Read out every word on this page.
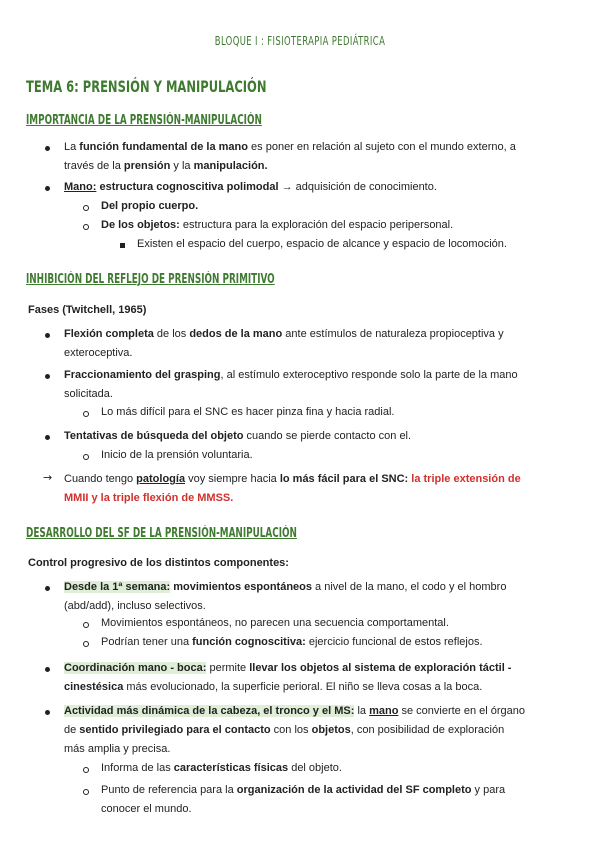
BLOQUE I : FISIOTERAPIA PEDIÁTRICA
TEMA 6: PRENSIÓN Y MANIPULACIÓN
IMPORTANCIA DE LA PRENSIÓN-MANIPULACIÓN
La función fundamental de la mano es poner en relación al sujeto con el mundo externo, a
través de la prensión y la manipulación.
Mano: estructura cognoscitiva polimodal → adquisición de conocimiento.
Del propio cuerpo.
De los objetos: estructura para la exploración del espacio peripersonal.
Existen el espacio del cuerpo, espacio de alcance y espacio de locomoción.
INHIBICIÓN DEL REFLEJO DE PRENSIÓN PRIMITIVO
Fases (Twitchell, 1965)
Flexión completa de los dedos de la mano ante estímulos de naturaleza propioceptiva y
exteroceptiva.
Fraccionamiento del grasping, al estímulo exteroceptivo responde solo la parte de la mano
solicitada.
Lo más difícil para el SNC es hacer pinza fina y hacia radial.
Tentativas de búsqueda del objeto cuando se pierde contacto con el.
Inicio de la prensión voluntaria.
→ Cuando tengo patología voy siempre hacia lo más fácil para el SNC: la triple extensión de
MMII y la triple flexión de MMSS.
DESARROLLO DEL SF DE LA PRENSIÓN-MANIPULACIÓN
Control progresivo de los distintos componentes:
Desde la 1ª semana: movimientos espontáneos a nivel de la mano, el codo y el hombro
(abd/add), incluso selectivos.
Movimientos espontáneos, no parecen una secuencia comportamental.
Podrían tener una función cognoscitiva: ejercicio funcional de estos reflejos.
Coordinación mano - boca: permite llevar los objetos al sistema de exploración táctil -
cinestésica más evolucionado, la superficie perioral. El niño se lleva cosas a la boca.
Actividad más dinámica de la cabeza, el tronco y el MS: la mano se convierte en el órgano
de sentido privilegiado para el contacto con los objetos, con posibilidad de exploración
más amplia y precisa.
Informa de las características físicas del objeto.
Punto de referencia para la organización de la actividad del SF completo y para
conocer el mundo.
